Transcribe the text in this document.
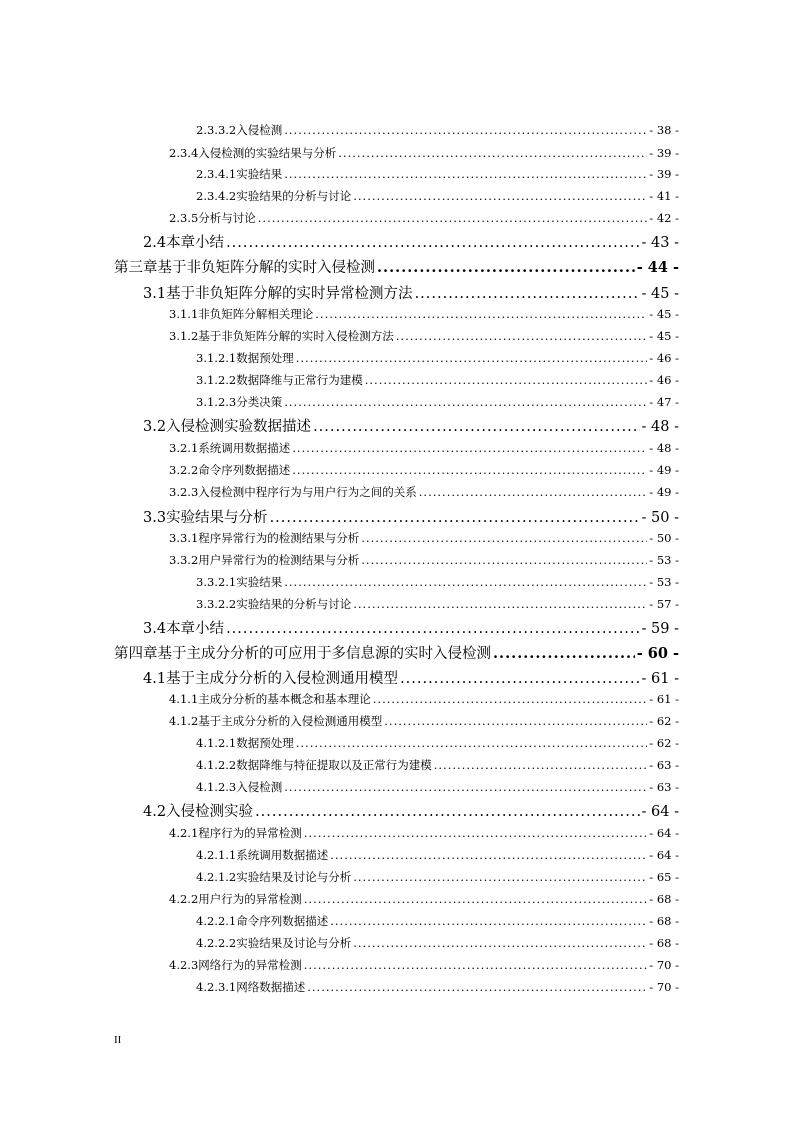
2.3.3.2 入侵检测 .....	- 38 -
2.3.4 入侵检测的实验结果与分析 .....	- 39 -
2.3.4.1 实验结果 .....	- 39 -
2.3.4.2 实验结果的分析与讨论 .....	- 41 -
2.3.5 分析与讨论 .....	- 42 -
2.4 本章小结 .....	- 43 -
第三章 基于非负矩阵分解的实时入侵检测 .....	- 44 -
3.1 基于非负矩阵分解的实时异常检测方法 .....	- 45 -
3.1.1 非负矩阵分解相关理论 .....	- 45 -
3.1.2 基于非负矩阵分解的实时入侵检测方法 .....	- 45 -
3.1.2.1 数据预处理 .....	- 46 -
3.1.2.2 数据降维与正常行为建模 .....	- 46 -
3.1.2.3 分类决策 .....	- 47 -
3.2 入侵检测实验数据描述 .....	- 48 -
3.2.1 系统调用数据描述 .....	- 48 -
3.2.2 命令序列数据描述 .....	- 49 -
3.2.3 入侵检测中程序行为与用户行为之间的关系 .....	- 49 -
3.3 实验结果与分析 .....	- 50 -
3.3.1 程序异常行为的检测结果与分析 .....	- 50 -
3.3.2 用户异常行为的检测结果与分析 .....	- 53 -
3.3.2.1 实验结果 .....	- 53 -
3.3.2.2 实验结果的分析与讨论 .....	- 57 -
3.4 本章小结 .....	- 59 -
第四章 基于主成分分析的可应用于多信息源的实时入侵检测 .....	- 60 -
4.1 基于主成分分析的入侵检测通用模型 .....	- 61 -
4.1.1 主成分分析的基本概念和基本理论 .....	- 61 -
4.1.2 基于主成分分析的入侵检测通用模型 .....	- 62 -
4.1.2.1 数据预处理 .....	- 62 -
4.1.2.2 数据降维与特征提取以及正常行为建模 .....	- 63 -
4.1.2.3 入侵检测 .....	- 63 -
4.2 入侵检测实验 .....	- 64 -
4.2.1 程序行为的异常检测 .....	- 64 -
4.2.1.1 系统调用数据描述 .....	- 64 -
4.2.1.2 实验结果及讨论与分析 .....	- 65 -
4.2.2 用户行为的异常检测 .....	- 68 -
4.2.2.1 命令序列数据描述 .....	- 68 -
4.2.2.2 实验结果及讨论与分析 .....	- 68 -
4.2.3 网络行为的异常检测 .....	- 70 -
4.2.3.1 网络数据描述 .....	- 70 -
II
